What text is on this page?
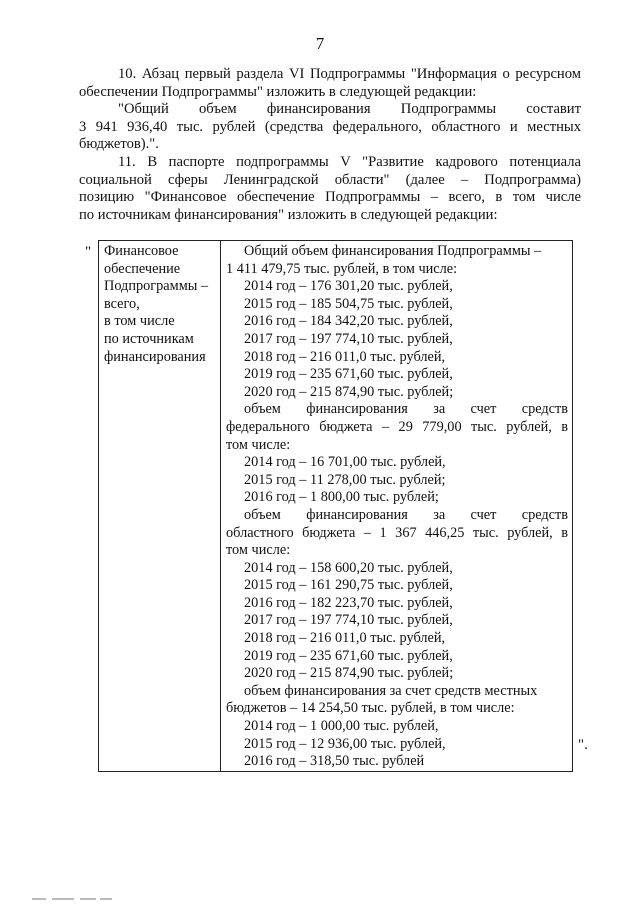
7
10. Абзац первый раздела VI Подпрограммы "Информация о ресурсном
обеспечении Подпрограммы" изложить в следующей редакции:
"Общий объем финансирования Подпрограммы составит
3 941 936,40 тыс. рублей (средства федерального, областного и местных
бюджетов).".
11. В паспорте подпрограммы V "Развитие кадрового потенциала
социальной сферы Ленинградской области" (далее – Подпрограмма)
позицию "Финансовое обеспечение Подпрограммы – всего, в том числе
по источникам финансирования" изложить в следующей редакции:
" Финансовое
обеспечение
Подпрограммы –
всего,
в том числе
по источникам
финансирования

Общий объем финансирования Подпрограммы –
1 411 479,75 тыс. рублей, в том числе:
2014 год – 176 301,20 тыс. рублей,
2015 год – 185 504,75 тыс. рублей,
2016 год – 184 342,20 тыс. рублей,
2017 год – 197 774,10 тыс. рублей,
2018 год – 216 011,0 тыс. рублей,
2019 год – 235 671,60 тыс. рублей,
2020 год – 215 874,90 тыс. рублей;
объем финансирования за счет средств
федерального бюджета – 29 779,00 тыс. рублей, в
том числе:
2014 год – 16 701,00 тыс. рублей,
2015 год – 11 278,00 тыс. рублей;
2016 год – 1 800,00 тыс. рублей;
объем финансирования за счет средств
областного бюджета – 1 367 446,25 тыс. рублей, в
том числе:
2014 год – 158 600,20 тыс. рублей,
2015 год – 161 290,75 тыс. рублей,
2016 год – 182 223,70 тыс. рублей,
2017 год – 197 774,10 тыс. рублей,
2018 год – 216 011,0 тыс. рублей,
2019 год – 235 671,60 тыс. рублей,
2020 год – 215 874,90 тыс. рублей;
объем финансирования за счет средств местных
бюджетов – 14 254,50 тыс. рублей, в том числе:
2014 год – 1 000,00 тыс. рублей,
2015 год – 12 936,00 тыс. рублей,
2016 год – 318,50 тыс. рублей
".
